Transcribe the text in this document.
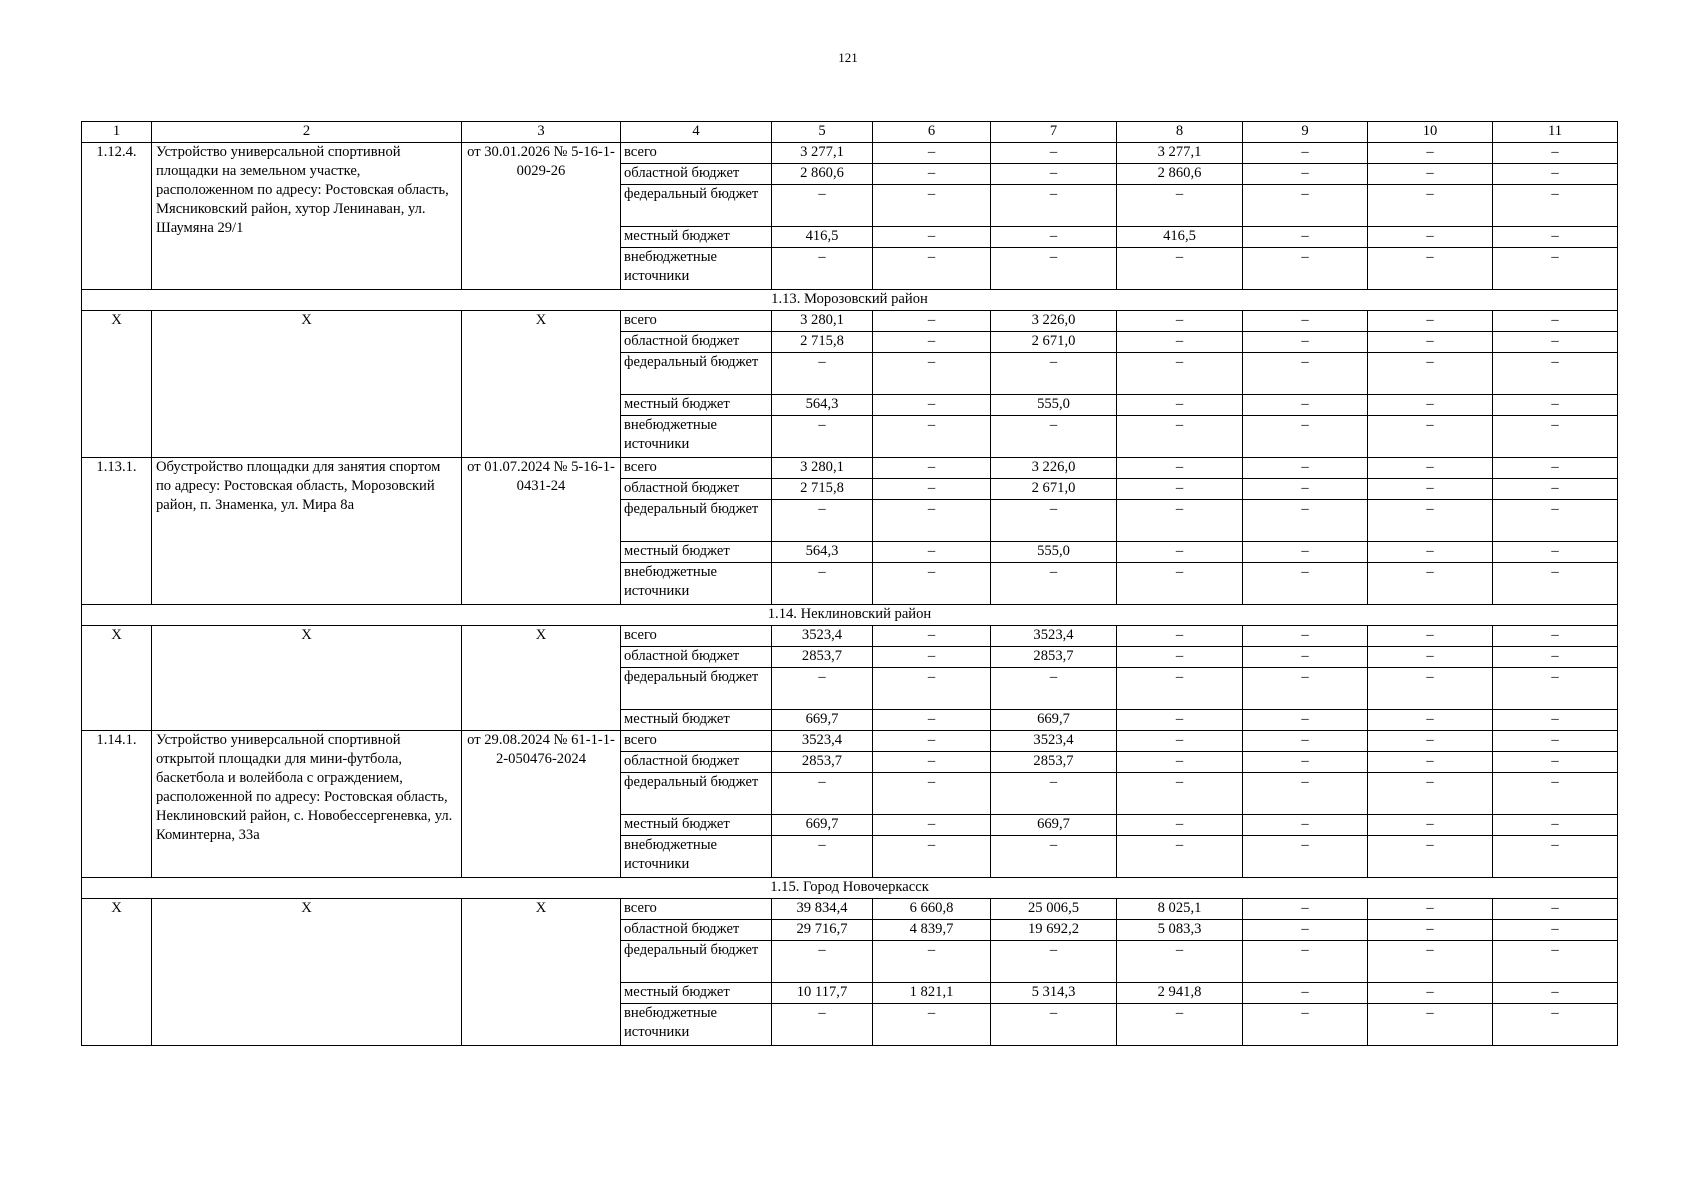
121
1	2	3	4	5	6	7	8	9	10	11
1.12.4.	Устройство универсальной спортивной площадки на земельном участке, расположенном по адресу: Ростовская область, Мясниковский район, хутор Ленинаван, ул. Шаумяна 29/1	от 30.01.2026 № 5-16-1-0029-26	всего	3 277,1	–	–	3 277,1	–	–	–
			областной бюджет	2 860,6	–	–	2 860,6	–	–	–
			федеральный бюджет	–	–	–	–	–	–	–
			местный бюджет	416,5	–	–	416,5	–	–	–
			внебюджетные источники	–	–	–	–	–	–	–
1.13. Морозовский район										
Х	Х	Х	всего	3 280,1	–	3 226,0	–	–	–	–
			областной бюджет	2 715,8	–	2 671,0	–	–	–	–
			федеральный бюджет	–	–	–	–	–	–	–
			местный бюджет	564,3	–	555,0	–	–	–	–
			внебюджетные источники	–	–	–	–	–	–	–
1.13.1.	Обустройство площадки для занятия спортом по адресу: Ростовская область, Морозовский район, п. Знаменка, ул. Мира 8а	от 01.07.2024 № 5-16-1-0431-24	всего	3 280,1	–	3 226,0	–	–	–	–
			областной бюджет	2 715,8	–	2 671,0	–	–	–	–
			федеральный бюджет	–	–	–	–	–	–	–
			местный бюджет	564,3	–	555,0	–	–	–	–
			внебюджетные источники	–	–	–	–	–	–	–
1.14. Неклиновский район										
Х	Х	Х	всего	3523,4	–	3523,4	–	–	–	–
			областной бюджет	2853,7	–	2853,7	–	–	–	–
			федеральный бюджет	–	–	–	–	–	–	–
			местный бюджет	669,7	–	669,7	–	–	–	–
1.14.1.	Устройство универсальной спортивной открытой площадки для мини-футбола, баскетбола и волейбола с ограждением, расположенной по адресу: Ростовская область, Неклиновский район, с. Новобессергеневка, ул. Коминтерна, 33а	от 29.08.2024 № 61-1-1-2-050476-2024	всего	3523,4	–	3523,4	–	–	–	–
			областной бюджет	2853,7	–	2853,7	–	–	–	–
			федеральный бюджет	–	–	–	–	–	–	–
			местный бюджет	669,7	–	669,7	–	–	–	–
			внебюджетные источники	–	–	–	–	–	–	–
1.15. Город Новочеркасск										
Х	Х	Х	всего	39 834,4	6 660,8	25 006,5	8 025,1	–	–	–
			областной бюджет	29 716,7	4 839,7	19 692,2	5 083,3	–	–	–
			федеральный бюджет	–	–	–	–	–	–	–
			местный бюджет	10 117,7	1 821,1	5 314,3	2 941,8	–	–	–
			внебюджетные источники	–	–	–	–	–	–	–
